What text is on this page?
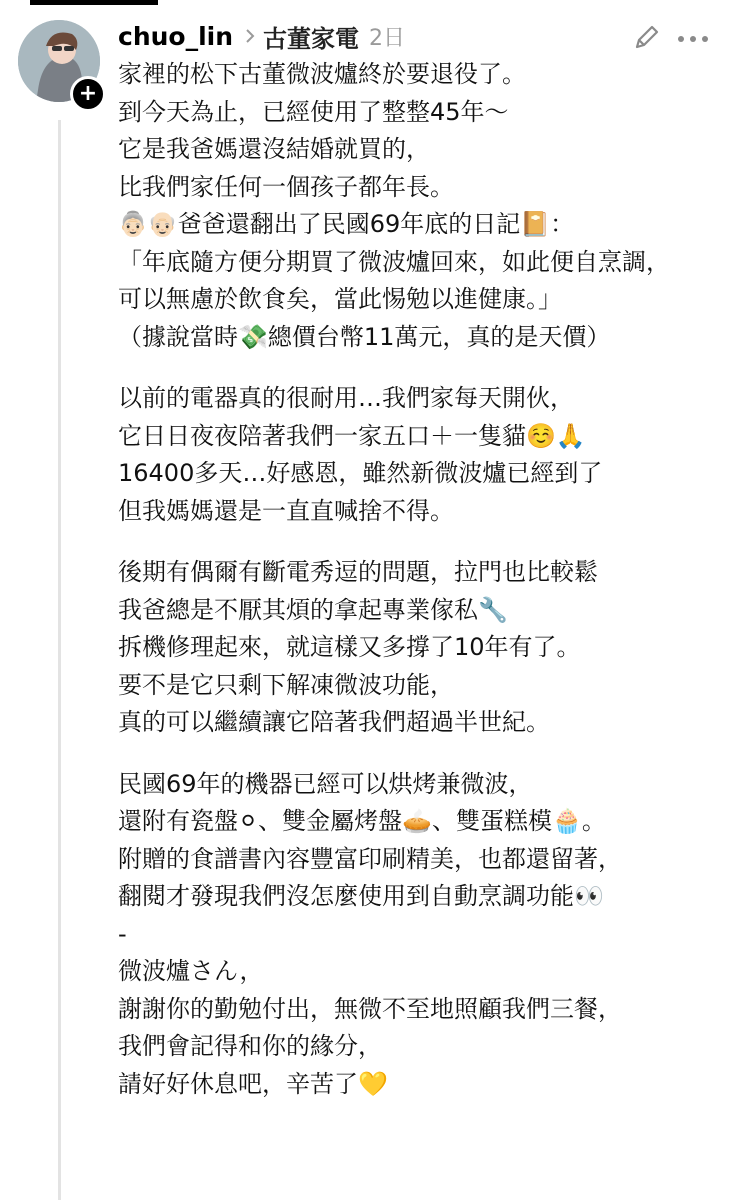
+
chuo_lin 古董家電 2日
家裡的松下古董微波爐終於要退役了。
到今天為止，已經使用了整整45年～
它是我爸媽還沒結婚就買的，
比我們家任何一個孩子都年長。
👵🏻👴🏻爸爸還翻出了民國69年底的日記📔：
「年底隨方便分期買了微波爐回來，如此便自烹調，
可以無慮於飲食矣，當此惕勉以進健康。」
（據說當時💸總價台幣11萬元，真的是天價）
以前的電器真的很耐用…我們家每天開伙，
它日日夜夜陪著我們一家五口＋一隻貓☺️🙏
16400多天…好感恩，雖然新微波爐已經到了
但我媽媽還是一直直喊捨不得。
後期有偶爾有斷電秀逗的問題，拉門也比較鬆
我爸總是不厭其煩的拿起專業傢私🔧
拆機修理起來，就這樣又多撐了10年有了。
要不是它只剩下解凍微波功能，
真的可以繼續讓它陪著我們超過半世紀。
民國69年的機器已經可以烘烤兼微波，
還附有瓷盤⚪、雙金屬烤盤🥧、雙蛋糕模🧁。
附贈的食譜書內容豐富印刷精美，也都還留著，
翻閱才發現我們沒怎麼使用到自動烹調功能👀
-
微波爐さん，
謝謝你的勤勉付出，無微不至地照顧我們三餐，
我們會記得和你的緣分，
請好好休息吧，辛苦了💛
